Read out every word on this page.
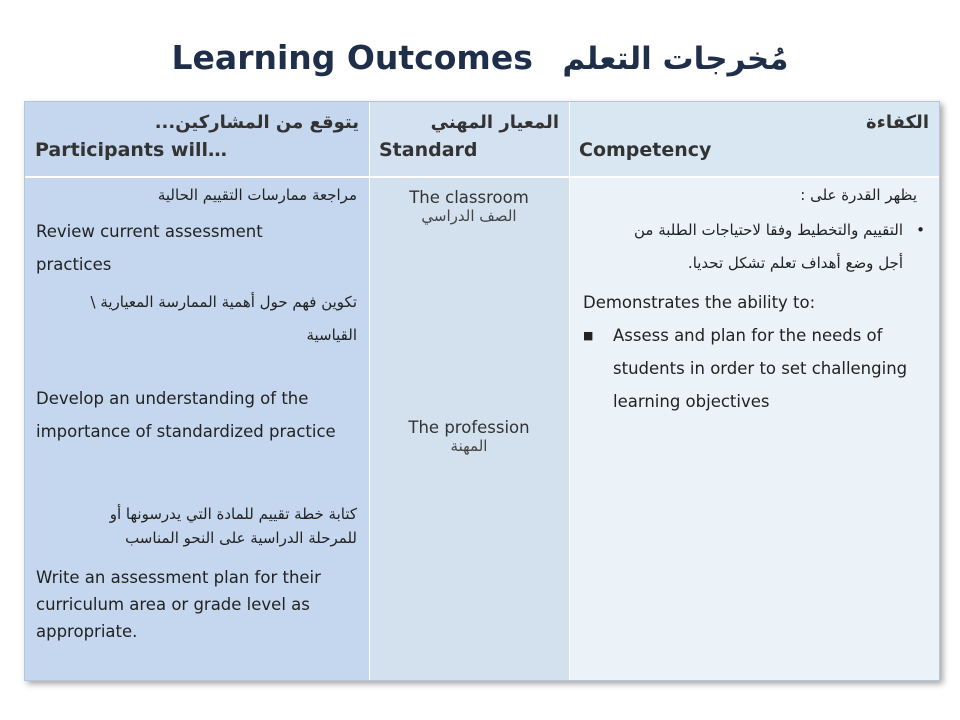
Learning Outcomes مُخرجات التعلم
يتوقع من المشاركين...
Participants will…
مراجعة ممارسات التقييم الحالية
Review current assessment practices
تكوين فهم حول أهمية الممارسة المعيارية \ القياسية
Develop an understanding of the importance of standardized practice
كتابة خطة تقييم للمادة التي يدرسونها أو للمرحلة الدراسية على النحو المناسب
Write an assessment plan for their curriculum area or grade level as appropriate.
المعيار المهني
Standard
The classroom
الصف الدراسي
The profession
المهنة
الكفاءة
Competency
يظهر القدرة على :
•
التقييم والتخطيط وفقا لاحتياجات الطلبة من أجل وضع أهداف تعلم تشكل تحديا.
Demonstrates the ability to:
■	Assess and plan for the needs of students in order to set challenging learning objectives
